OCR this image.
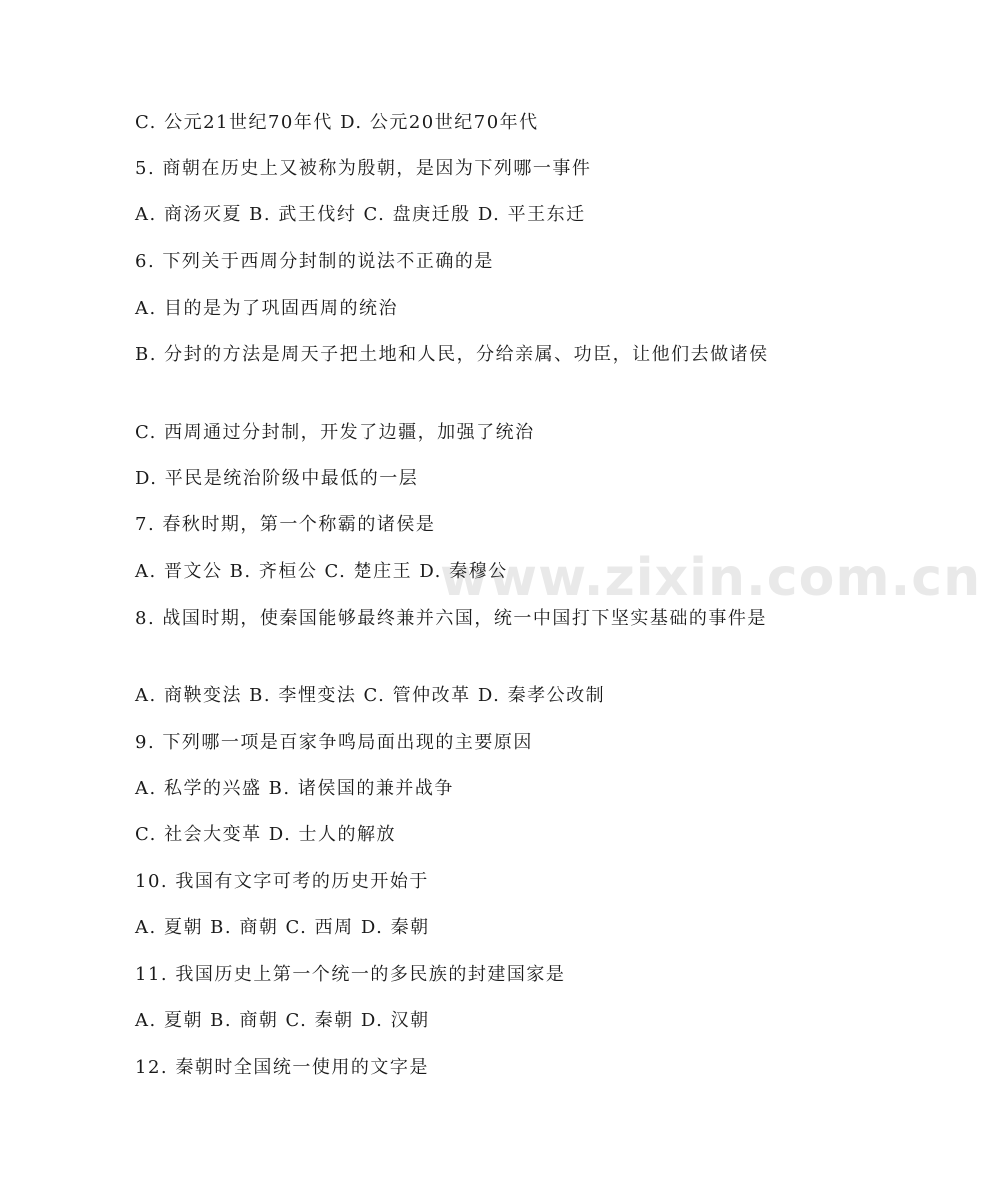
www.zixin.com.cn

C. 公元21世纪70年代 D. 公元20世纪70年代

5. 商朝在历史上又被称为殷朝，是因为下列哪一事件

A. 商汤灭夏 B. 武王伐纣 C. 盘庚迁殷 D. 平王东迁

6. 下列关于西周分封制的说法不正确的是

A. 目的是为了巩固西周的统治

B. 分封的方法是周天子把土地和人民，分给亲属、功臣，让他们去做诸侯

C. 西周通过分封制，开发了边疆，加强了统治

D. 平民是统治阶级中最低的一层

7. 春秋时期，第一个称霸的诸侯是

A. 晋文公 B. 齐桓公 C. 楚庄王 D. 秦穆公

8. 战国时期，使秦国能够最终兼并六国，统一中国打下坚实基础的事件是

A. 商鞅变法 B. 李悝变法 C. 管仲改革 D. 秦孝公改制

9. 下列哪一项是百家争鸣局面出现的主要原因

A. 私学的兴盛 B. 诸侯国的兼并战争

C. 社会大变革 D. 士人的解放

10. 我国有文字可考的历史开始于

A. 夏朝 B. 商朝 C. 西周 D. 秦朝

11. 我国历史上第一个统一的多民族的封建国家是

A. 夏朝 B. 商朝 C. 秦朝 D. 汉朝

12. 秦朝时全国统一使用的文字是
